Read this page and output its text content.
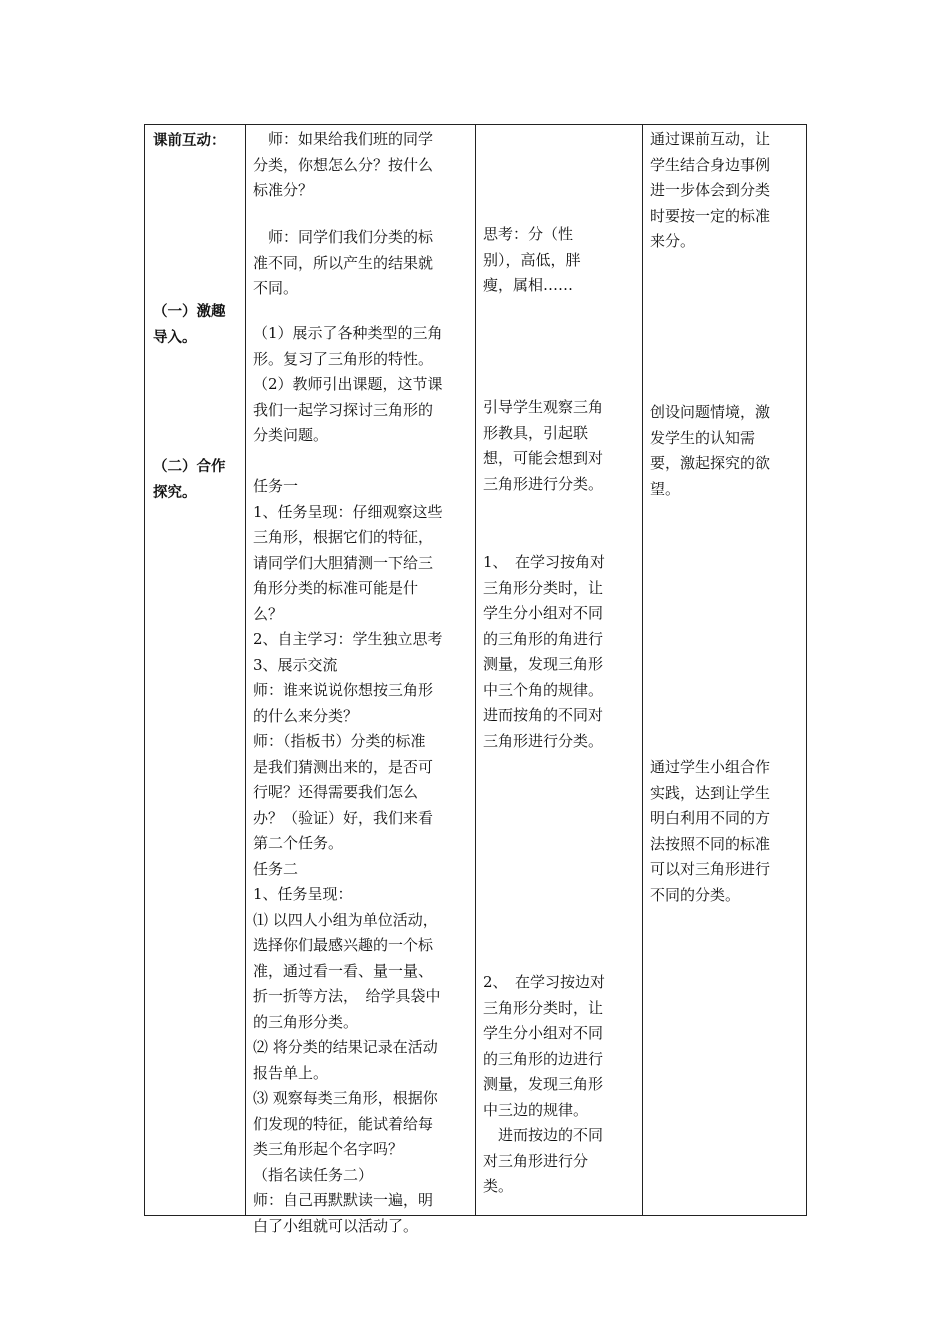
课前互动：
（一）激趣
导入。
（二）合作
探究。
　师：如果给我们班的同学
分类，你想怎么分？按什么
标准分？
　师：同学们我们分类的标
准不同，所以产生的结果就
不同。
（1）展示了各种类型的三角
形。复习了三角形的特性。
（2）教师引出课题，这节课
我们一起学习探讨三角形的
分类问题。

任务一
1、任务呈现：仔细观察这些
三角形，根据它们的特征，
请同学们大胆猜测一下给三
角形分类的标准可能是什
么？
2、自主学习：学生独立思考
3、展示交流
师：谁来说说你想按三角形
的什么来分类？
师：（指板书）分类的标准
是我们猜测出来的，是否可
行呢？还得需要我们怎么
办？（验证）好，我们来看
第二个任务。
任务二
1、任务呈现：
⑴ 以四人小组为单位活动，
选择你们最感兴趣的一个标
准，通过看一看、量一量、
折一折等方法，　给学具袋中
的三角形分类。
⑵ 将分类的结果记录在活动
报告单上。
⑶ 观察每类三角形，根据你
们发现的特征，能试着给每
类三角形起个名字吗？
（指名读任务二）
师：自己再默默读一遍，明
白了小组就可以活动了。
思考：分（性
别），高低，胖
瘦，属相……
引导学生观察三角
形教具，引起联
想，可能会想到对
三角形进行分类。
1、　在学习按角对
三角形分类时，让
学生分小组对不同
的三角形的角进行
测量，发现三角形
中三个角的规律。
进而按角的不同对
三角形进行分类。
2、　在学习按边对
三角形分类时，让
学生分小组对不同
的三角形的边进行
测量，发现三角形
中三边的规律。
　进而按边的不同
对三角形进行分
类。
通过课前互动，让
学生结合身边事例
进一步体会到分类
时要按一定的标准
来分。
创设问题情境，激
发学生的认知需
要，激起探究的欲
望。
通过学生小组合作
实践，达到让学生
明白利用不同的方
法按照不同的标准
可以对三角形进行
不同的分类。
